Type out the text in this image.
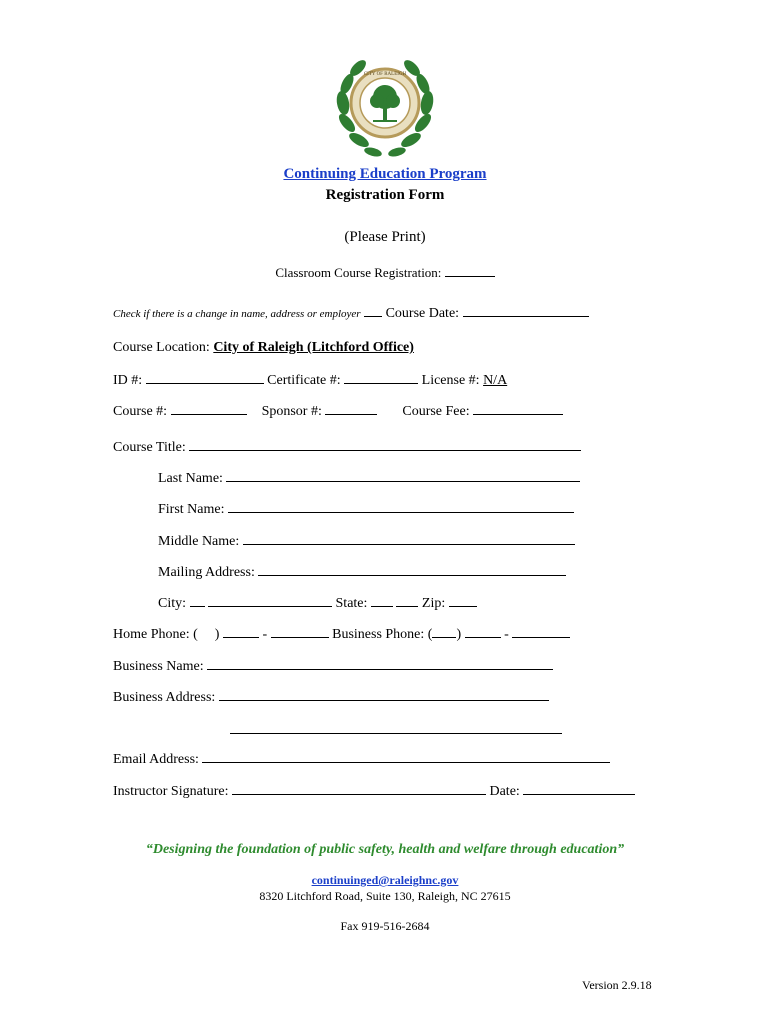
CITY OF RALEIGH
Continuing Education Program
Registration Form
(Please Print)
Classroom Course Registration:
Check if there is a change in name, address or employer Course Date:
Course Location: City of Raleigh (Litchford Office)
ID #:	Certificate #:	License #: N/A
Course #:	Sponsor #:	Course Fee:
Course Title:
Last Name:
First Name:
Middle Name:
Mailing Address:
City:	State:	Zip:
Home Phone: ( )	-	Business Phone: ( )	-
Business Name:
Business Address:
Email Address:
Instructor Signature:	Date:
“Designing the foundation of public safety, health and welfare through education”
continuinged@raleighnc.gov
8320 Litchford Road, Suite 130, Raleigh, NC 27615
Fax 919-516-2684
Version 2.9.18
